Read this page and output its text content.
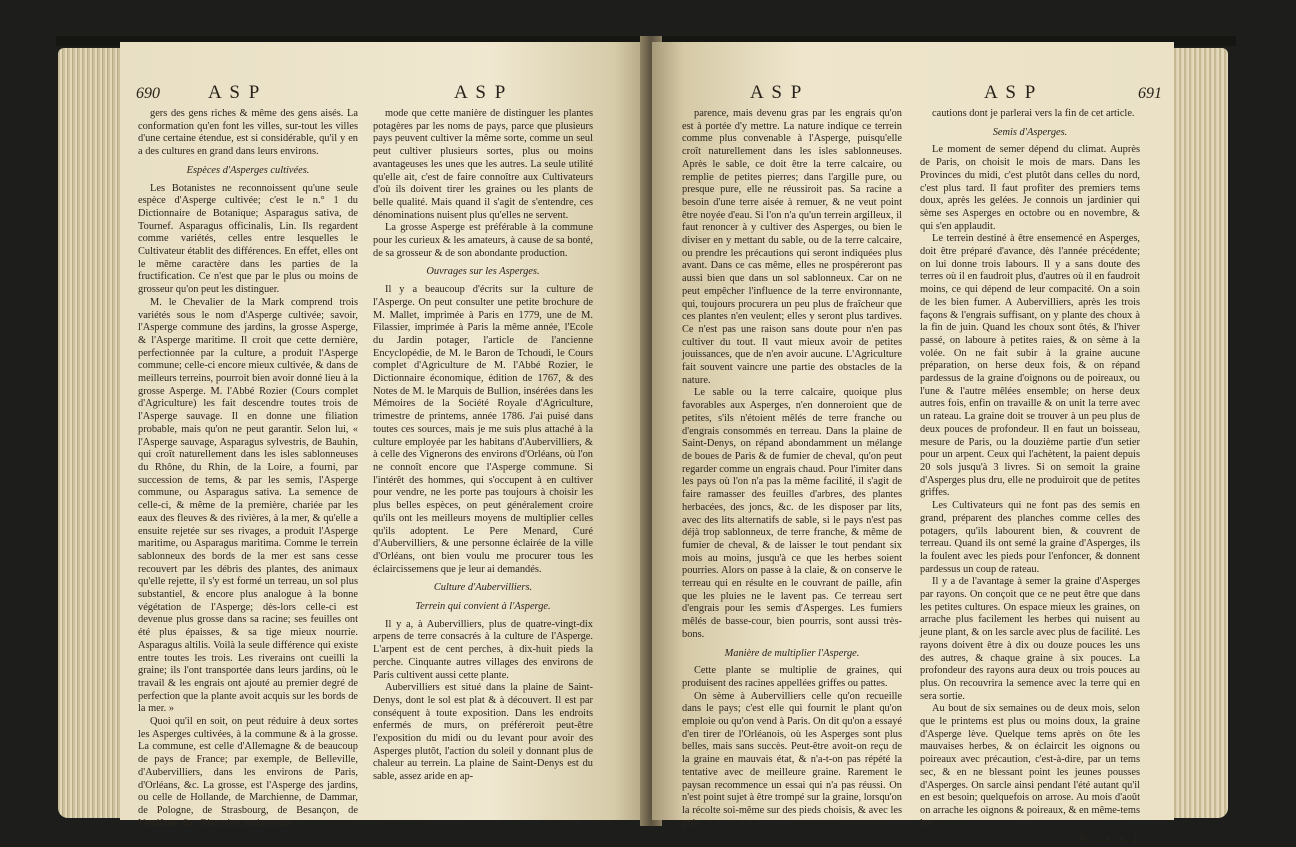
690	A S P	A S P

gers des gens riches & même des gens aisés. La conformation qu'en font les villes, sur-tout les villes d'une certaine étendue, est si considérable, qu'il y en a des cultures en grand dans leurs environs.

Espèces d'Asperges cultivées.

Les Botanistes ne reconnoissent qu'une seule espèce d'Asperge cultivée; c'est le n.° 1 du Dictionnaire de Botanique; Asparagus sativa, de Tournef. Asparagus officinalis, Lin. Ils regardent comme variétés, celles entre lesquelles le Cultivateur établit des différences. En effet, elles ont le même caractère dans les parties de la fructification. Ce n'est que par le plus ou moins de grosseur qu'on peut les distinguer.

M. le Chevalier de la Mark comprend trois variétés sous le nom d'Asperge cultivée; savoir, l'Asperge commune des jardins, la grosse Asperge, & l'Asperge maritime. Il croit que cette dernière, perfectionnée par la culture, a produit l'Asperge commune; celle-ci encore mieux cultivée, & dans de meilleurs terreins, pourroit bien avoir donné lieu à la grosse Asperge. M. l'Abbé Rozier (Cours complet d'Agriculture) les fait descendre toutes trois de l'Asperge sauvage. Il en donne une filiation probable, mais qu'on ne peut garantir. Selon lui, « l'Asperge sauvage, Asparagus sylvestris, de Bauhin, qui croît naturellement dans les isles sablonneuses du Rhône, du Rhin, de la Loire, a fourni, par succession de tems, & par les semis, l'Asperge commune, ou Asparagus sativa. La semence de celle-ci, & même de la première, chariée par les eaux des fleuves & des rivières, à la mer, & qu'elle a ensuite rejetée sur ses rivages, a produit l'Asperge maritime, ou Asparagus maritima. Comme le terrein sablonneux des bords de la mer est sans cesse recouvert par les débris des plantes, des animaux qu'elle rejette, il s'y est formé un terreau, un sol plus substantiel, & encore plus analogue à la bonne végétation de l'Asperge; dès-lors celle-ci est devenue plus grosse dans sa racine; ses feuilles ont été plus épaisses, & sa tige mieux nourrie. Asparagus altilis. Voilà la seule différence qui existe entre toutes les trois. Les riverains ont cueilli la graine; ils l'ont transportée dans leurs jardins, où le travail & les engrais ont ajouté au premier degré de perfection que la plante avoit acquis sur les bords de la mer. »

Quoi qu'il en soit, on peut réduire à deux sortes les Asperges cultivées, à la commune & à la grosse. La commune, est celle d'Allemagne & de beaucoup de pays de France; par exemple, de Belleville, d'Aubervilliers, dans les environs de Paris, d'Orléans, &c. La grosse, est l'Asperge des jardins, ou celle de Hollande, de Marchienne, de Dammar, de Pologne, de Strasbourg, de Besançon, de Vendôme, &c. Rien n'est moins com-

mode que cette manière de distinguer les plantes potagères par les noms de pays, parce que plusieurs pays peuvent cultiver la même sorte, comme un seul peut cultiver plusieurs sortes, plus ou moins avantageuses les unes que les autres. La seule utilité qu'elle ait, c'est de faire connoître aux Cultivateurs d'où ils doivent tirer les graines ou les plants de belle qualité. Mais quand il s'agit de s'entendre, ces dénominations nuisent plus qu'elles ne servent.

La grosse Asperge est préférable à la commune pour les curieux & les amateurs, à cause de sa bonté, de sa grosseur & de son abondante production.

Ouvrages sur les Asperges.

Il y a beaucoup d'écrits sur la culture de l'Asperge. On peut consulter une petite brochure de M. Mallet, imprimée à Paris en 1779, une de M. Filassier, imprimée à Paris la même année, l'Ecole du Jardin potager, l'article de l'ancienne Encyclopédie, de M. le Baron de Tchoudi, le Cours complet d'Agriculture de M. l'Abbé Rozier, le Dictionnaire économique, édition de 1767, & des Notes de M. le Marquis de Bullion, insérées dans les Mémoires de la Société Royale d'Agriculture, trimestre de printems, année 1786. J'ai puisé dans toutes ces sources, mais je me suis plus attaché à la culture employée par les habitans d'Aubervilliers, & à celle des Vignerons des environs d'Orléans, où l'on ne connoît encore que l'Asperge commune. Si l'intérêt des hommes, qui s'occupent à en cultiver pour vendre, ne les porte pas toujours à choisir les plus belles espèces, on peut généralement croire qu'ils ont les meilleurs moyens de multiplier celles qu'ils adoptent. Le Pere Menard, Curé d'Aubervilliers, & une personne éclairée de la ville d'Orléans, ont bien voulu me procurer tous les éclaircissemens que je leur ai demandés.

Culture d'Aubervilliers.

Terrein qui convient à l'Asperge.

Il y a, à Aubervilliers, plus de quatre-vingt-dix arpens de terre consacrés à la culture de l'Asperge. L'arpent est de cent perches, à dix-huit pieds la perche. Cinquante autres villages des environs de Paris cultivent aussi cette plante.

Aubervilliers est situé dans la plaine de Saint-Denys, dont le sol est plat & à découvert. Il est par conséquent à toute exposition. Dans les endroits enfermés de murs, on préféreroit peut-être l'exposition du midi ou du levant pour avoir des Asperges plutôt, l'action du soleil y donnant plus de chaleur au terrein. La plaine de Saint-Denys est du sable, assez aride en ap-

A S P	A S P	691

parence, mais devenu gras par les engrais qu'on est à portée d'y mettre. La nature indique ce terrein comme plus convenable à l'Asperge, puisqu'elle croît naturellement dans les isles sablonneuses. Après le sable, ce doit être la terre calcaire, ou remplie de petites pierres; dans l'argille pure, ou presque pure, elle ne réussiroit pas. Sa racine a besoin d'une terre aisée à remuer, & ne veut point être noyée d'eau. Si l'on n'a qu'un terrein argilleux, il faut renoncer à y cultiver des Asperges, ou bien le diviser en y mettant du sable, ou de la terre calcaire, ou prendre les précautions qui seront indiquées plus avant. Dans ce cas même, elles ne prospéreront pas aussi bien que dans un sol sablonneux. Car on ne peut empêcher l'influence de la terre environnante, qui, toujours procurera un peu plus de fraîcheur que ces plantes n'en veulent; elles y seront plus tardives. Ce n'est pas une raison sans doute pour n'en pas cultiver du tout. Il vaut mieux avoir de petites jouissances, que de n'en avoir aucune. L'Agriculture fait souvent vaincre une partie des obstacles de la nature.

Le sable ou la terre calcaire, quoique plus favorables aux Asperges, n'en donneroient que de petites, s'ils n'étoient mêlés de terre franche ou d'engrais consommés en terreau. Dans la plaine de Saint-Denys, on répand abondamment un mélange de boues de Paris & de fumier de cheval, qu'on peut regarder comme un engrais chaud. Pour l'imiter dans les pays où l'on n'a pas la même facilité, il s'agit de faire ramasser des feuilles d'arbres, des plantes herbacées, des joncs, &c. de les disposer par lits, avec des lits alternatifs de sable, si le pays n'est pas déjà trop sablonneux, de terre franche, & même de fumier de cheval, & de laisser le tout pendant six mois au moins, jusqu'à ce que les herbes soient pourries. Alors on passe à la claie, & on conserve le terreau qui en résulte en le couvrant de paille, afin que les pluies ne le lavent pas. Ce terreau sert d'engrais pour les semis d'Asperges. Les fumiers mêlés de basse-cour, bien pourris, sont aussi très-bons.

Manière de multiplier l'Asperge.

Cette plante se multiplie de graines, qui produisent des racines appellées griffes ou pattes.

On sème à Aubervilliers celle qu'on recueille dans le pays; c'est elle qui fournit le plant qu'on emploie ou qu'on vend à Paris. On dit qu'on a essayé d'en tirer de l'Orléanois, où les Asperges sont plus belles, mais sans succès. Peut-être avoit-on reçu de la graine en mauvais état, & n'a-t-on pas répété la tentative avec de meilleure graine. Rarement le paysan recommence un essai qui n'a pas réussi. On n'est point sujet à être trompé sur la graine, lorsqu'on la récolte soi-même sur des pieds choisis, & avec les pré-

cautions dont je parlerai vers la fin de cet article.

Semis d'Asperges.

Le moment de semer dépend du climat. Auprès de Paris, on choisit le mois de mars. Dans les Provinces du midi, c'est plutôt dans celles du nord, c'est plus tard. Il faut profiter des premiers tems doux, après les gelées. Je connois un jardinier qui sème ses Asperges en octobre ou en novembre, & qui s'en applaudit.

Le terrein destiné à être ensemencé en Asperges, doit être préparé d'avance, dès l'année précédente; on lui donne trois labours. Il y a sans doute des terres où il en faudroit plus, d'autres où il en faudroit moins, ce qui dépend de leur compacité. On a soin de les bien fumer. A Aubervilliers, après les trois façons & l'engrais suffisant, on y plante des choux à la fin de juin. Quand les choux sont ôtés, & l'hiver passé, on laboure à petites raies, & on sème à la volée. On ne fait subir à la graine aucune préparation, on herse deux fois, & on répand pardessus de la graine d'oignons ou de poireaux, ou l'une & l'autre mêlées ensemble; on herse deux autres fois, enfin on travaille & on unit la terre avec un rateau. La graine doit se trouver à un peu plus de deux pouces de profondeur. Il en faut un boisseau, mesure de Paris, ou la douzième partie d'un setier pour un arpent. Ceux qui l'achètent, la paient depuis 20 sols jusqu'à 3 livres. Si on semoit la graine d'Asperges plus dru, elle ne produiroit que de petites griffes.

Les Cultivateurs qui ne font pas des semis en grand, préparent des planches comme celles des potagers, qu'ils labourent bien, & couvrent de terreau. Quand ils ont semé la graine d'Asperges, ils la foulent avec les pieds pour l'enfoncer, & donnent pardessus un coup de rateau.

Il y a de l'avantage à semer la graine d'Asperges par rayons. On conçoit que ce ne peut être que dans les petites cultures. On espace mieux les graines, on arrache plus facilement les herbes qui nuisent au jeune plant, & on les sarcle avec plus de facilité. Les rayons doivent être à dix ou douze pouces les uns des autres, & chaque graine à six pouces. La profondeur des rayons aura deux ou trois pouces au plus. On recouvrira la semence avec la terre qui en sera sortie.

Au bout de six semaines ou de deux mois, selon que le printems est plus ou moins doux, la graine d'Asperge lève. Quelque tems après on ôte les mauvaises herbes, & on éclaircit les oignons ou poireaux avec précaution, c'est-à-dire, par un tems sec, & en ne blessant point les jeunes pousses d'Asperges. On sarcle ainsi pendant l'été autant qu'il en est besoin; quelquefois on arrose. Au mois d'août on arrache les oignons & poireaux, & en même-tems les

S s s s 2
